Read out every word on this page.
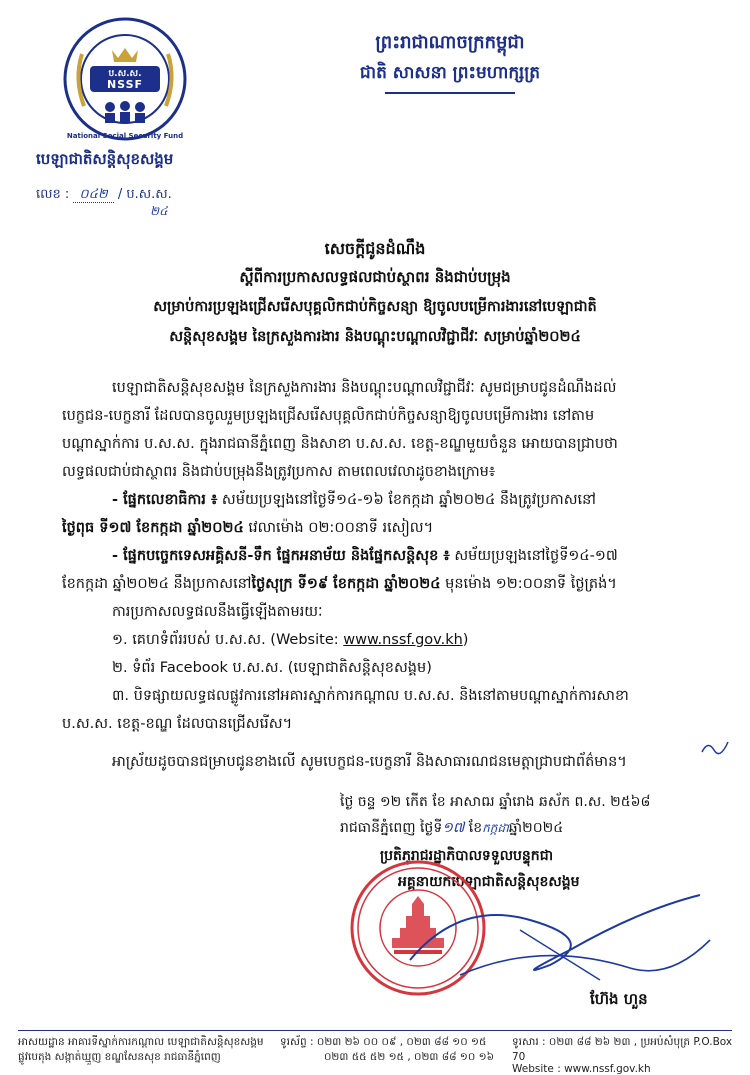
ប.ស.ស.
NSSF
National Social Security Fund
ព្រះរាជាណាចក្រកម្ពុជា
ជាតិ សាសនា ព្រះមហាក្សត្រ
បេឡាជាតិសន្តិសុខសង្គម
លេខ : ០៤២ / ប.ស.ស.
២៤
សេចក្តីជូនដំណឹង
ស្តីពីការប្រកាសលទ្ធផលជាប់ស្ថាពរ និងជាប់បម្រុង
សម្រាប់ការប្រឡងជ្រើសរើសបុគ្គលិកជាប់កិច្ចសន្យា ឱ្យចូលបម្រើការងារនៅបេឡាជាតិ
សន្តិសុខសង្គម នៃក្រសួងការងារ និងបណ្តុះបណ្តាលវិជ្ជាជីវៈ សម្រាប់ឆ្នាំ២០២៤
បេឡាជាតិសន្តិសុខសង្គម នៃក្រសួងការងារ និងបណ្តុះបណ្តាលវិជ្ជាជីវៈ សូមជម្រាបជូនដំណឹងដល់
បេក្ខជន-បេក្ខនារី ដែលបានចូលរួមប្រឡងជ្រើសរើសបុគ្គលិកជាប់កិច្ចសន្យាឱ្យចូលបម្រើការងារ នៅតាម
បណ្តាស្នាក់ការ ប.ស.ស. ក្នុងរាជធានីភ្នំពេញ និងសាខា ប.ស.ស. ខេត្ត-ខណ្ឌមួយចំនួន អោយបានជ្រាបថា
លទ្ធផលជាប់ជាស្ថាពរ និងជាប់បម្រុងនឹងត្រូវប្រកាស តាមពេលវេលាដូចខាងក្រោម៖
- ផ្នែកលេខាធិការ ៖ សម័យប្រឡងនៅថ្ងៃទី១៤-១៦ ខែកក្កដា ឆ្នាំ២០២៤ នឹងត្រូវប្រកាសនៅ
ថ្ងៃពុធ ទី១៧ ខែកក្កដា ឆ្នាំ២០២៤ វេលាម៉ោង ០២:០០នាទី រសៀល។
- ផ្នែកបច្ចេកទេសអគ្គិសនី-ទឹក ផ្នែកអនាម័យ និងផ្នែកសន្តិសុខ ៖ សម័យប្រឡងនៅថ្ងៃទី១៤-១៧
ខែកក្កដា ឆ្នាំ២០២៤ នឹងប្រកាសនៅថ្ងៃសុក្រ ទី១៩ ខែកក្កដា ឆ្នាំ២០២៤ មុនម៉ោង ១២:០០នាទី ថ្ងៃត្រង់។
ការប្រកាសលទ្ធផលនឹងធ្វើឡើងតាមរយៈ
១. គេហទំព័ររបស់ ប.ស.ស. (Website: www.nssf.gov.kh)
២. ទំព័រ Facebook ប.ស.ស. (បេឡាជាតិសន្តិសុខសង្គម)
៣. បិទផ្សាយលទ្ធផលផ្លូវការនៅអគារស្នាក់ការកណ្តាល ប.ស.ស. និងនៅតាមបណ្តាស្នាក់ការសាខា
ប.ស.ស. ខេត្ត-ខណ្ឌ ដែលបានជ្រើសរើស។
អាស្រ័យដូចបានជម្រាបជូនខាងលើ សូមបេក្ខជន-បេក្ខនារី និងសាធារណជនមេត្តាជ្រាបជាព័ត៌មាន។
ថ្ងៃ ចន្ទ ១២ កើត ខែ អាសាឍ ឆ្នាំរោង ឆស័ក ព.ស. ២៥៦៨
រាជធានីភ្នំពេញ ថ្ងៃទី១៧ ខែកក្កដាឆ្នាំ២០២៤
ប្រតិភូរាជរដ្ឋាភិបាលទទួលបន្ទុកជា
អគ្គនាយកបេឡាជាតិសន្តិសុខសង្គម
ហ៊ែង ហួន
អាសយដ្ឋាន អាគារទីស្នាក់ការកណ្តាល បេឡាជាតិសន្តិសុខសង្គម
ផ្លូវបេតុង សង្កាត់ឃ្មួញ ខណ្ឌសែនសុខ រាជធានីភ្នំពេញ
ទូរស័ព្ទ : ០២៣ ២៦ ០០ ០៩ , ០២៣ ៨៨ ១០ ១៥
០២៣ ៥៥ ៥២ ១៥ , ០២៣ ៨៨ ១០ ១៦
ទូរសារ : ០២៣ ៨៨ ២៦ ២៣ , ប្រអប់សំបុត្រ P.O.Box 70
Website : www.nssf.gov.kh
